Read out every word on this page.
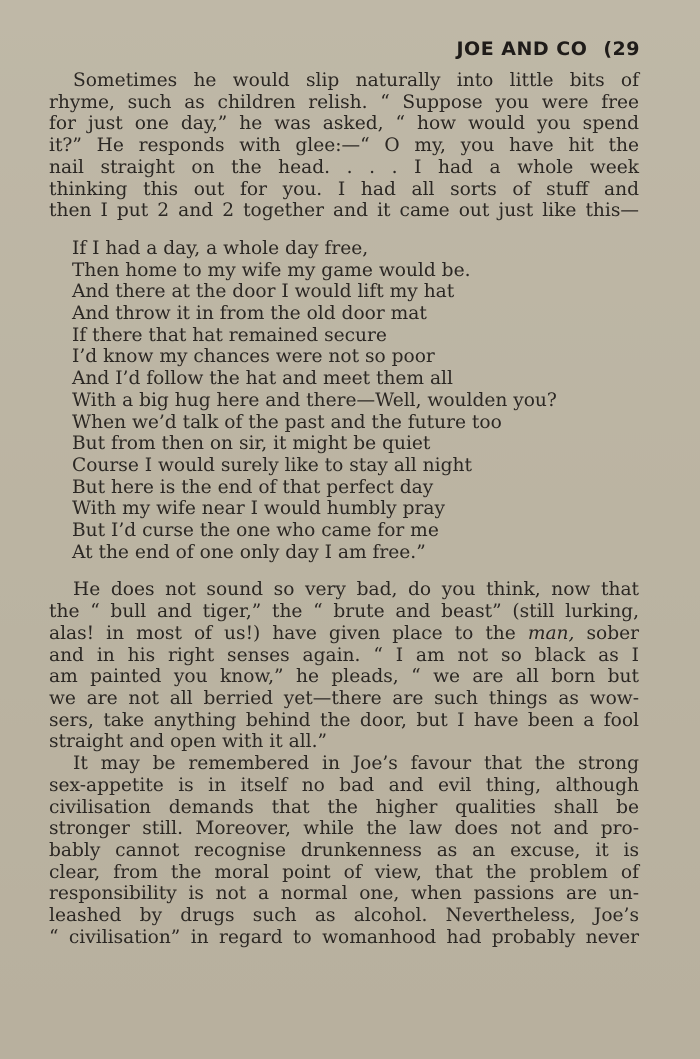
JOE AND CO (29
Sometimes he would slip naturally into little bits of
rhyme, such as children relish. “ Suppose you were free
for just one day,” he was asked, “ how would you spend
it?” He responds with glee:—“ O my, you have hit the
nail straight on the head. . . . I had a whole week
thinking this out for you. I had all sorts of stuff and
then I put 2 and 2 together and it came out just like this—
If I had a day, a whole day free,
Then home to my wife my game would be.
And there at the door I would lift my hat
And throw it in from the old door mat
If there that hat remained secure
I’d know my chances were not so poor
And I’d follow the hat and meet them all
With a big hug here and there—Well, woulden you?
When we’d talk of the past and the future too
But from then on sir, it might be quiet
Course I would surely like to stay all night
But here is the end of that perfect day
With my wife near I would humbly pray
But I’d curse the one who came for me
At the end of one only day I am free.”
He does not sound so very bad, do you think, now that
the “ bull and tiger,” the “ brute and beast” (still lurking,
alas! in most of us!) have given place to the man, sober
and in his right senses again. “ I am not so black as I
am painted you know,” he pleads, “ we are all born but
we are not all berried yet—there are such things as wow-
sers, take anything behind the door, but I have been a fool
straight and open with it all.”
It may be remembered in Joe’s favour that the strong
sex-appetite is in itself no bad and evil thing, although
civilisation demands that the higher qualities shall be
stronger still. Moreover, while the law does not and pro-
bably cannot recognise drunkenness as an excuse, it is
clear, from the moral point of view, that the problem of
responsibility is not a normal one, when passions are un-
leashed by drugs such as alcohol. Nevertheless, Joe’s
“ civilisation” in regard to womanhood had probably never
